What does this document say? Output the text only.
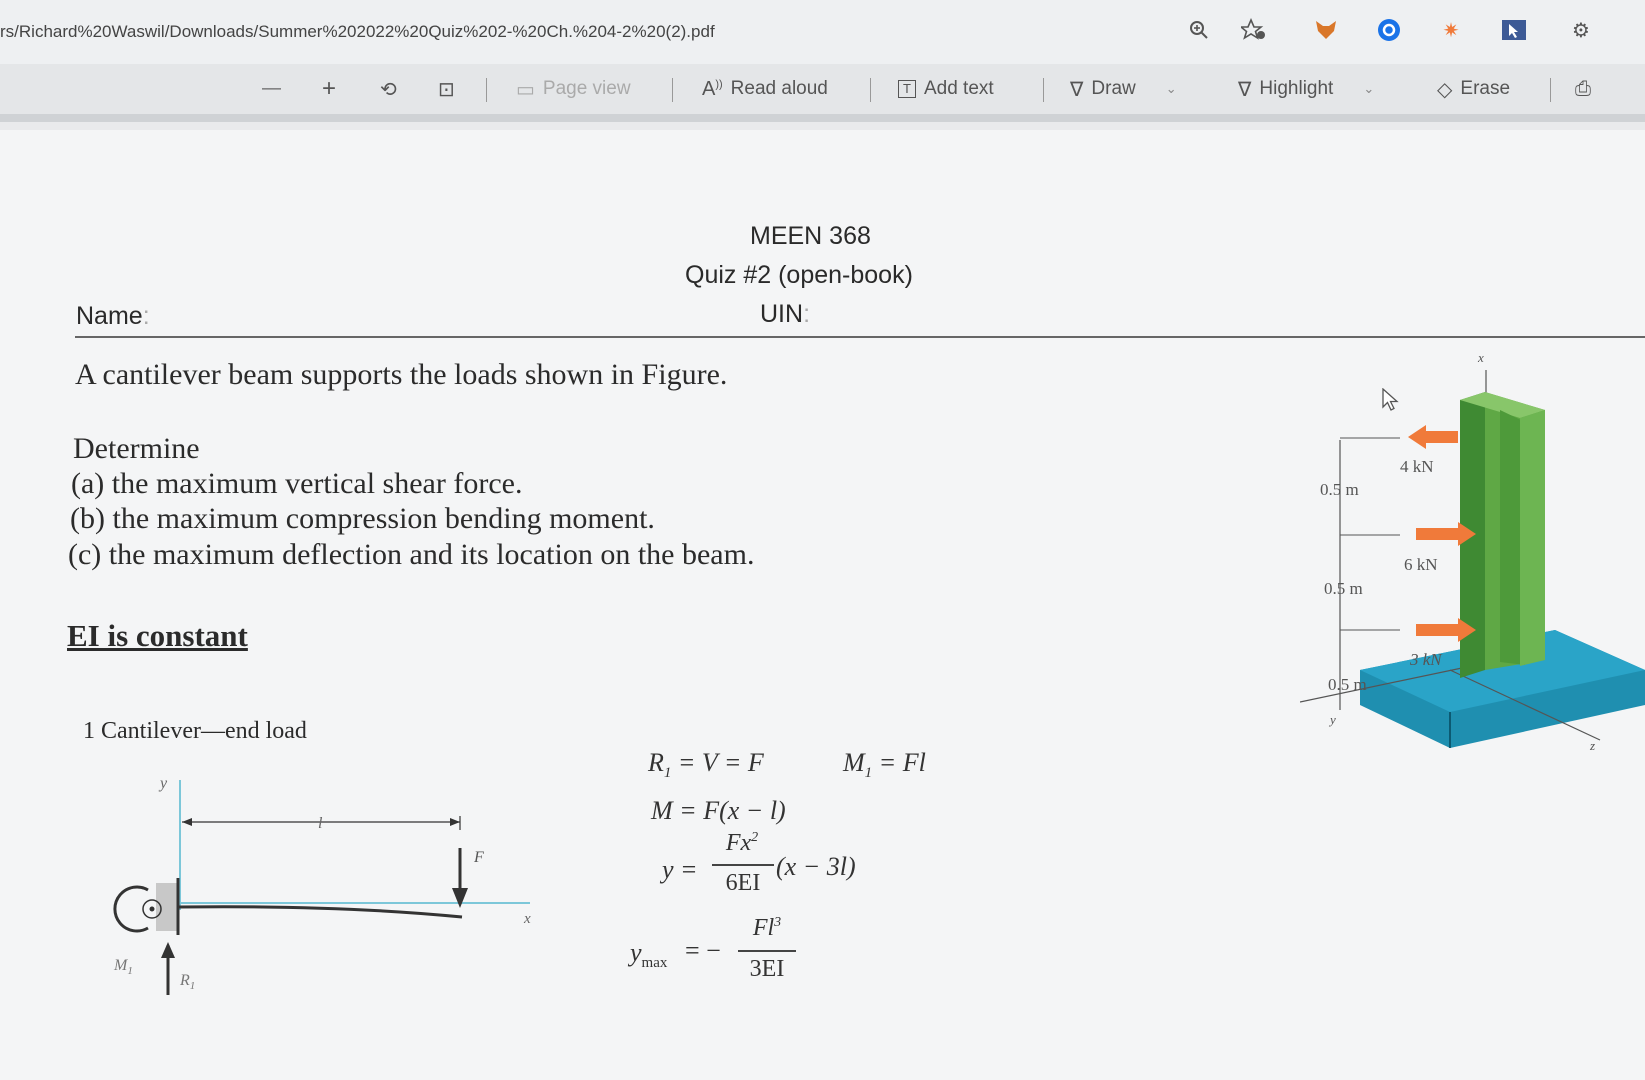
rs/Richard%20Waswil/Downloads/Summer%202022%20Quiz%202-%20Ch.%204-2%20(2).pdf	✷	⚙
— + ⟲ ⊡	▭ Page view	A)) Read aloud	T Add text	∇ Draw ⌄	∇ Highlight ⌄	◇ Erase	⎙
MEEN 368
Quiz #2 (open-book)
Name:	UIN:
A cantilever beam supports the loads shown in Figure.
Determine
(a) the maximum vertical shear force.
(b) the maximum compression bending moment.
(c) the maximum deflection and its location on the beam.
EI is constant
1 Cantilever—end load
y
l
F
x
$M_1$
$R_1$
$R_1 = V = F$	$M_1 = Fl$
M = F(x − l)
y =
$Fx^2$
6EI
(x − 3l)
$y_{max}$ = −
$Fl^3$
3EI
x
y
z
4 kN
6 kN
3 kN
0.5 m
0.5 m
0.5 m
